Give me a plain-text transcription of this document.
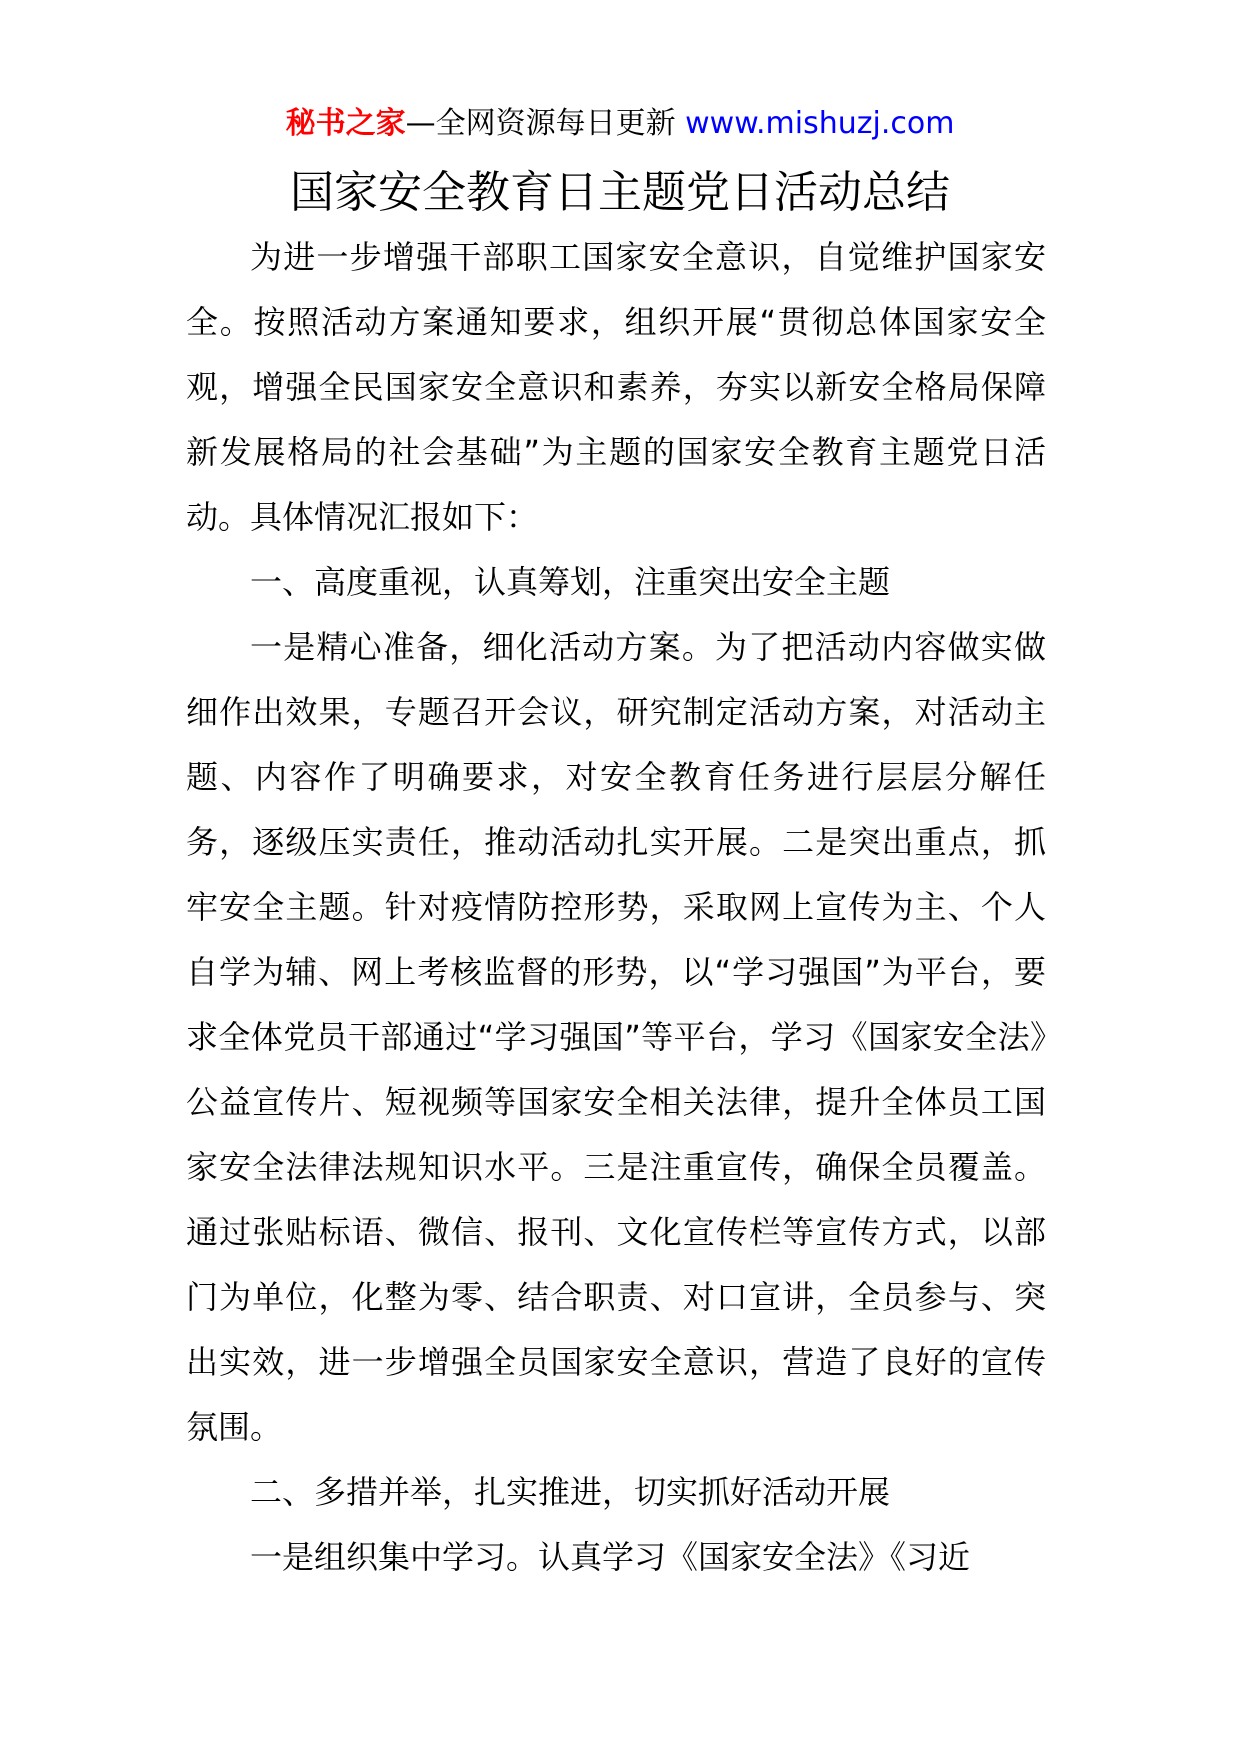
秘书之家—全网资源每日更新 www.mishuzj.com
国家安全教育日主题党日活动总结

为进一步增强干部职工国家安全意识，自觉维护国家安全。按照活动方案通知要求，组织开展“贯彻总体国家安全观，增强全民国家安全意识和素养，夯实以新安全格局保障新发展格局的社会基础”为主题的国家安全教育主题党日活动。具体情况汇报如下：

一、高度重视，认真筹划，注重突出安全主题

一是精心准备，细化活动方案。为了把活动内容做实做细作出效果，专题召开会议，研究制定活动方案，对活动主题、内容作了明确要求，对安全教育任务进行层层分解任务，逐级压实责任，推动活动扎实开展。二是突出重点，抓牢安全主题。针对疫情防控形势，采取网上宣传为主、个人自学为辅、网上考核监督的形势，以“学习强国”为平台，要求全体党员干部通过“学习强国”等平台，学习《国家安全法》公益宣传片、短视频等国家安全相关法律，提升全体员工国家安全法律法规知识水平。三是注重宣传，确保全员覆盖。通过张贴标语、微信、报刊、文化宣传栏等宣传方式，以部门为单位，化整为零、结合职责、对口宣讲，全员参与、突出实效，进一步增强全员国家安全意识，营造了良好的宣传氛围。

二、多措并举，扎实推进，切实抓好活动开展

一是组织集中学习。认真学习《国家安全法》《习近
